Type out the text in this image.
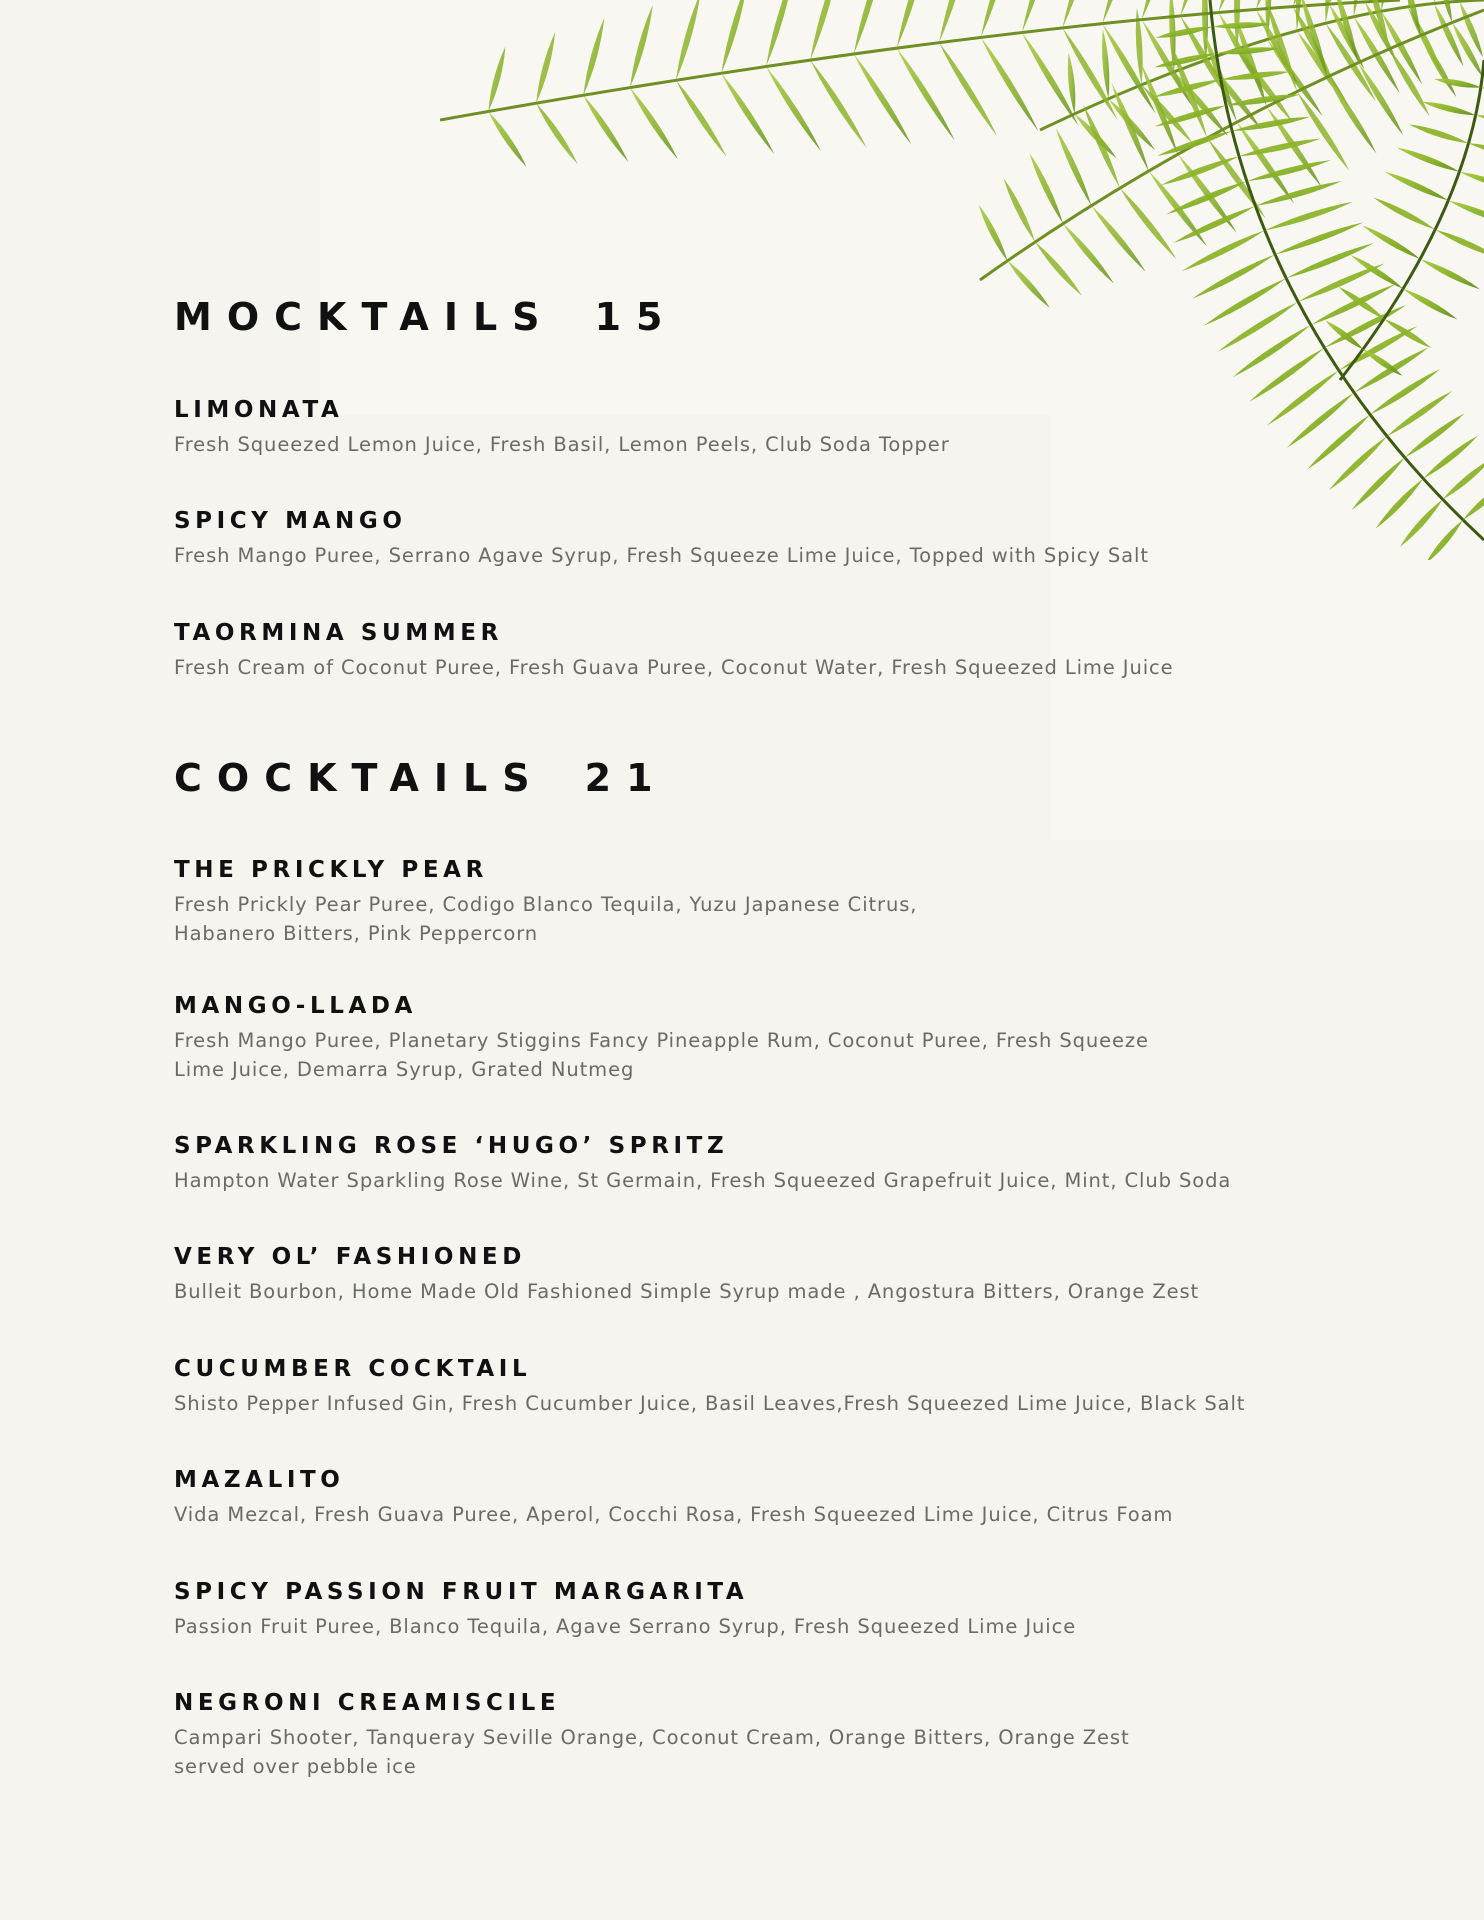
MOCKTAILS 15
LIMONATA
Fresh Squeezed Lemon Juice, Fresh Basil, Lemon Peels, Club Soda Topper
SPICY MANGO
Fresh Mango Puree, Serrano Agave Syrup, Fresh Squeeze Lime Juice, Topped with Spicy Salt
TAORMINA SUMMER
Fresh Cream of Coconut Puree, Fresh Guava Puree, Coconut Water, Fresh Squeezed Lime Juice
COCKTAILS 21
THE PRICKLY PEAR
Fresh Prickly Pear Puree, Codigo Blanco Tequila, Yuzu Japanese Citrus,
Habanero Bitters, Pink Peppercorn
MANGO-LLADA
Fresh Mango Puree, Planetary Stiggins Fancy Pineapple Rum, Coconut Puree, Fresh Squeeze
Lime Juice, Demarra Syrup, Grated Nutmeg
SPARKLING ROSE ‘HUGO’ SPRITZ
Hampton Water Sparkling Rose Wine, St Germain, Fresh Squeezed Grapefruit Juice, Mint, Club Soda
VERY OL’ FASHIONED
Bulleit Bourbon, Home Made Old Fashioned Simple Syrup made , Angostura Bitters, Orange Zest
CUCUMBER COCKTAIL
Shisto Pepper Infused Gin, Fresh Cucumber Juice, Basil Leaves,Fresh Squeezed Lime Juice, Black Salt
MAZALITO
Vida Mezcal, Fresh Guava Puree, Aperol, Cocchi Rosa, Fresh Squeezed Lime Juice, Citrus Foam
SPICY PASSION FRUIT MARGARITA
Passion Fruit Puree, Blanco Tequila, Agave Serrano Syrup, Fresh Squeezed Lime Juice
NEGRONI CREAMISCILE
Campari Shooter, Tanqueray Seville Orange, Coconut Cream, Orange Bitters, Orange Zest
served over pebble ice
